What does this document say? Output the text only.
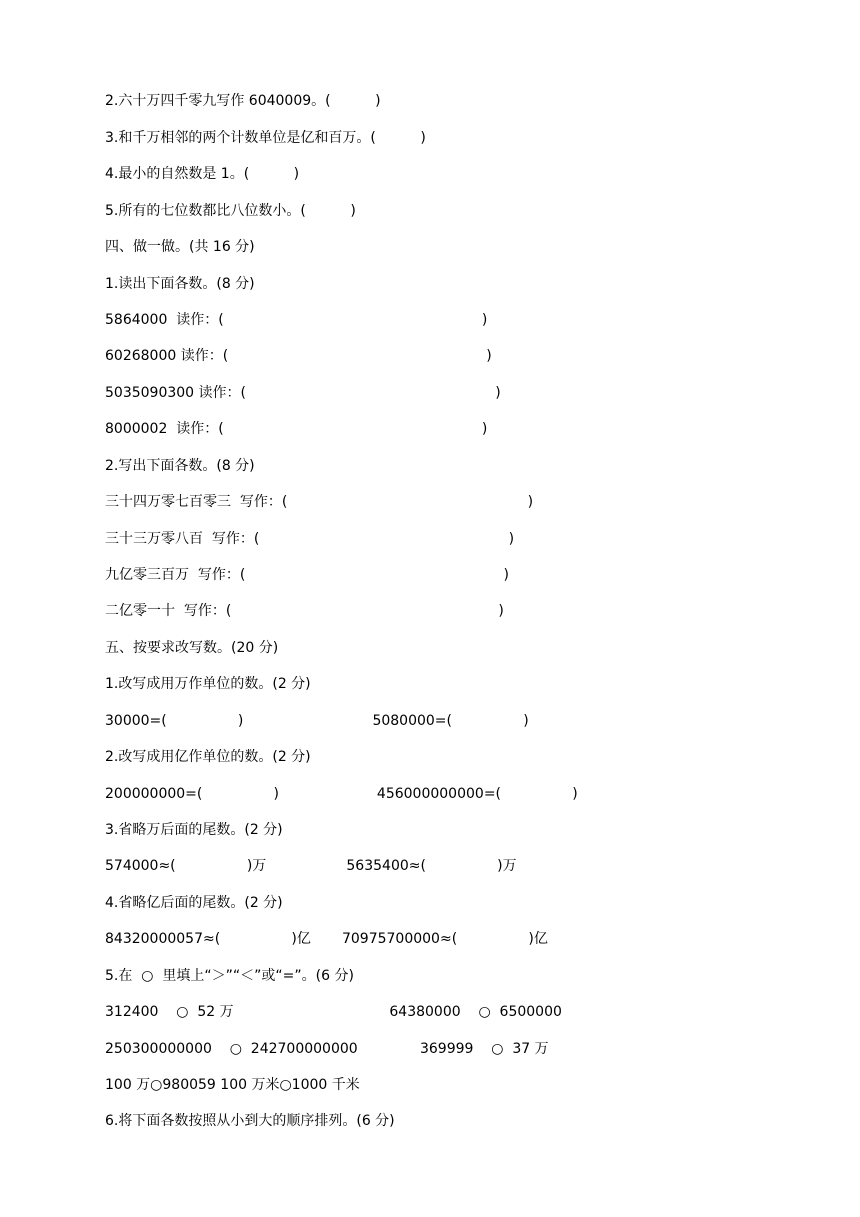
2.六十万四千零九写作 6040009。(          )
3.和千万相邻的两个计数单位是亿和百万。(          )
4.最小的自然数是 1。(          )
5.所有的七位数都比八位数小。(          )
四、做一做。(共 16 分)
1.读出下面各数。(8 分)
5864000  读作：(                                                          )
60268000 读作：(                                                          )
5035090300 读作：(                                                        )
8000002  读作：(                                                          )
2.写出下面各数。(8 分)
三十四万零七百零三  写作：(                                                      )
三十三万零八百  写作：(                                                        )
九亿零三百万  写作：(                                                          )
二亿零一十  写作：(                                                            )
五、按要求改写数。(20 分)
1.改写成用万作单位的数。(2 分)
30000=(                )                             5080000=(                )
2.改写成用亿作单位的数。(2 分)
200000000=(                )                      456000000000=(                )
3.省略万后面的尾数。(2 分)
574000≈(                )万                  5635400≈(                )万
4.省略亿后面的尾数。(2 分)
84320000057≈(                )亿       70975700000≈(                )亿
5.在  ○  里填上“＞”“＜”或“=”。(6 分)
312400    ○  52 万                                   64380000    ○  6500000
250300000000    ○  242700000000              369999    ○  37 万
100 万○980059 100 万米○1000 千米
6.将下面各数按照从小到大的顺序排列。(6 分)
